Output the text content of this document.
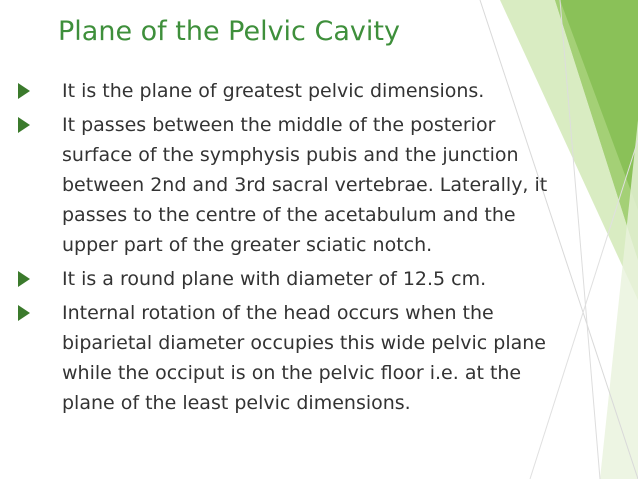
Plane of the Pelvic Cavity
It is the plane of greatest pelvic dimensions.
It passes between the middle of the posterior
surface of the symphysis pubis and the junction
between 2nd and 3rd sacral vertebrae. Laterally, it
passes to the centre of the acetabulum and the
upper part of the greater sciatic notch.
It is a round plane with diameter of 12.5 cm.
Internal rotation of the head occurs when the
biparietal diameter occupies this wide pelvic plane
while the occiput is on the pelvic floor i.e. at the
plane of the least pelvic dimensions.
